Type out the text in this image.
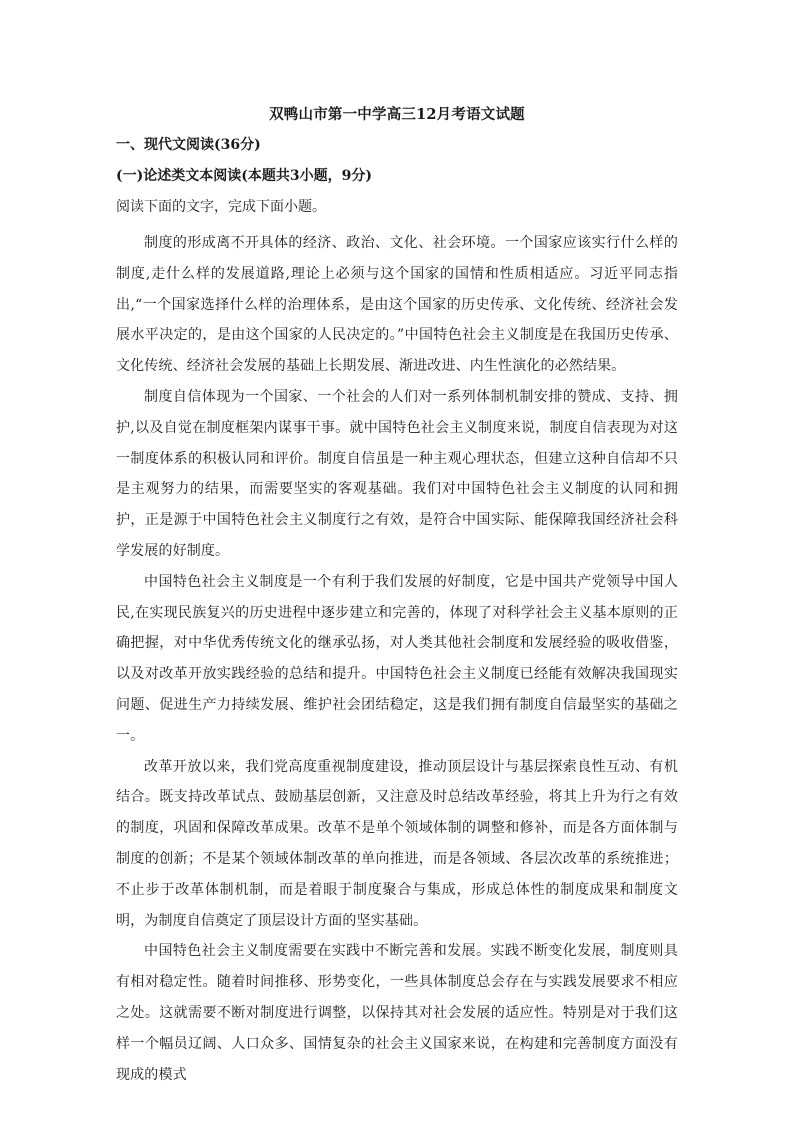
双鸭山市第一中学高三12月考语文试题
一、现代文阅读(36分)
(一)论述类文本阅读(本题共3小题，9分)
阅读下面的文字，完成下面小题。

制度的形成离不开具体的经济、政治、文化、社会环境。一个国家应该实行什么样的制度,走什么样的发展道路,理论上必须与这个国家的国情和性质相适应。习近平同志指出,“一个国家选择什么样的治理体系，是由这个国家的历史传承、文化传统、经济社会发展水平决定的，是由这个国家的人民决定的。”中国特色社会主义制度是在我国历史传承、文化传统、经济社会发展的基础上长期发展、渐进改进、内生性演化的必然结果。

制度自信体现为一个国家、一个社会的人们对一系列体制机制安排的赞成、支持、拥护,以及自觉在制度框架内谋事干事。就中国特色社会主义制度来说，制度自信表现为对这一制度体系的积极认同和评价。制度自信虽是一种主观心理状态，但建立这种自信却不只是主观努力的结果，而需要坚实的客观基础。我们对中国特色社会主义制度的认同和拥护，正是源于中国特色社会主义制度行之有效，是符合中国实际、能保障我国经济社会科学发展的好制度。

中国特色社会主义制度是一个有利于我们发展的好制度，它是中国共产党领导中国人民,在实现民族复兴的历史进程中逐步建立和完善的，体现了对科学社会主义基本原则的正确把握，对中华优秀传统文化的继承弘扬，对人类其他社会制度和发展经验的吸收借鉴，以及对改革开放实践经验的总结和提升。中国特色社会主义制度已经能有效解决我国现实问题、促进生产力持续发展、维护社会团结稳定，这是我们拥有制度自信最坚实的基础之一。

改革开放以来，我们党高度重视制度建设，推动顶层设计与基层探索良性互动、有机结合。既支持改革试点、鼓励基层创新，又注意及时总结改革经验，将其上升为行之有效的制度，巩固和保障改革成果。改革不是单个领域体制的调整和修补，而是各方面体制与制度的创新；不是某个领域体制改革的单向推进，而是各领域、各层次改革的系统推进；不止步于改革体制机制，而是着眼于制度聚合与集成，形成总体性的制度成果和制度文明，为制度自信奠定了顶层设计方面的坚实基础。

中国特色社会主义制度需要在实践中不断完善和发展。实践不断变化发展，制度则具有相对稳定性。随着时间推移、形势变化，一些具体制度总会存在与实践发展要求不相应之处。这就需要不断对制度进行调整，以保持其对社会发展的适应性。特别是对于我们这样一个幅员辽阔、人口众多、国情复杂的社会主义国家来说，在构建和完善制度方面没有现成的模式
